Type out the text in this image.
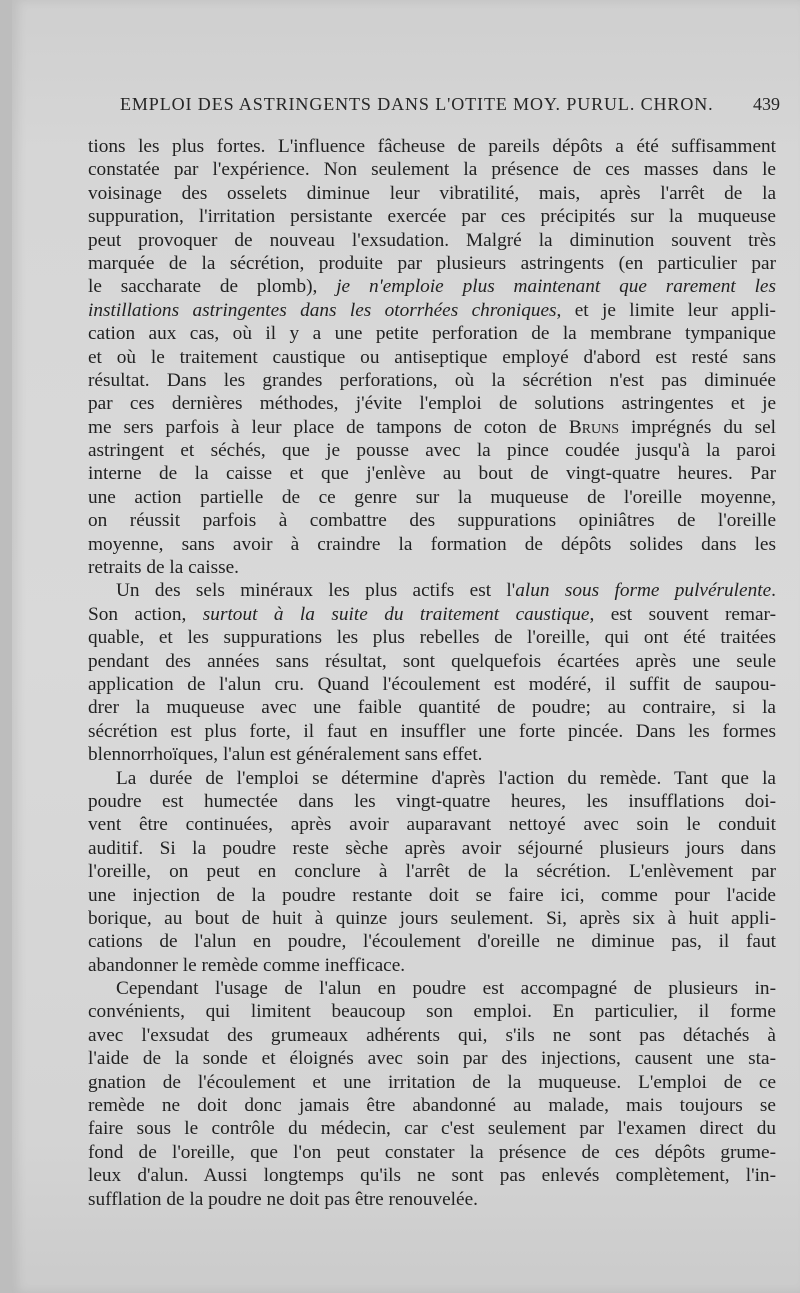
EMPLOI DES ASTRINGENTS DANS L'OTITE MOY. PURUL. CHRON. 439
tions les plus fortes. L'influence fâcheuse de pareils dépôts a été suffisamment
constatée par l'expérience. Non seulement la présence de ces masses dans le
voisinage des osselets diminue leur vibratilité, mais, après l'arrêt de la
suppuration, l'irritation persistante exercée par ces précipités sur la muqueuse
peut provoquer de nouveau l'exsudation. Malgré la diminution souvent très
marquée de la sécrétion, produite par plusieurs astringents (en particulier par
le saccharate de plomb), je n'emploie plus maintenant que rarement les
instillations astringentes dans les otorrhées chroniques, et je limite leur appli-
cation aux cas, où il y a une petite perforation de la membrane tympanique
et où le traitement caustique ou antiseptique employé d'abord est resté sans
résultat. Dans les grandes perforations, où la sécrétion n'est pas diminuée
par ces dernières méthodes, j'évite l'emploi de solutions astringentes et je
me sers parfois à leur place de tampons de coton de Bruns imprégnés du sel
astringent et séchés, que je pousse avec la pince coudée jusqu'à la paroi
interne de la caisse et que j'enlève au bout de vingt-quatre heures. Par
une action partielle de ce genre sur la muqueuse de l'oreille moyenne,
on réussit parfois à combattre des suppurations opiniâtres de l'oreille
moyenne, sans avoir à craindre la formation de dépôts solides dans les
retraits de la caisse.
Un des sels minéraux les plus actifs est l'alun sous forme pulvérulente.
Son action, surtout à la suite du traitement caustique, est souvent remar-
quable, et les suppurations les plus rebelles de l'oreille, qui ont été traitées
pendant des années sans résultat, sont quelquefois écartées après une seule
application de l'alun cru. Quand l'écoulement est modéré, il suffit de saupou-
drer la muqueuse avec une faible quantité de poudre; au contraire, si la
sécrétion est plus forte, il faut en insuffler une forte pincée. Dans les formes
blennorrhoïques, l'alun est généralement sans effet.
La durée de l'emploi se détermine d'après l'action du remède. Tant que la
poudre est humectée dans les vingt-quatre heures, les insufflations doi-
vent être continuées, après avoir auparavant nettoyé avec soin le conduit
auditif. Si la poudre reste sèche après avoir séjourné plusieurs jours dans
l'oreille, on peut en conclure à l'arrêt de la sécrétion. L'enlèvement par
une injection de la poudre restante doit se faire ici, comme pour l'acide
borique, au bout de huit à quinze jours seulement. Si, après six à huit appli-
cations de l'alun en poudre, l'écoulement d'oreille ne diminue pas, il faut
abandonner le remède comme inefficace.
Cependant l'usage de l'alun en poudre est accompagné de plusieurs in-
convénients, qui limitent beaucoup son emploi. En particulier, il forme
avec l'exsudat des grumeaux adhérents qui, s'ils ne sont pas détachés à
l'aide de la sonde et éloignés avec soin par des injections, causent une sta-
gnation de l'écoulement et une irritation de la muqueuse. L'emploi de ce
remède ne doit donc jamais être abandonné au malade, mais toujours se
faire sous le contrôle du médecin, car c'est seulement par l'examen direct du
fond de l'oreille, que l'on peut constater la présence de ces dépôts grume-
leux d'alun. Aussi longtemps qu'ils ne sont pas enlevés complètement, l'in-
sufflation de la poudre ne doit pas être renouvelée.
